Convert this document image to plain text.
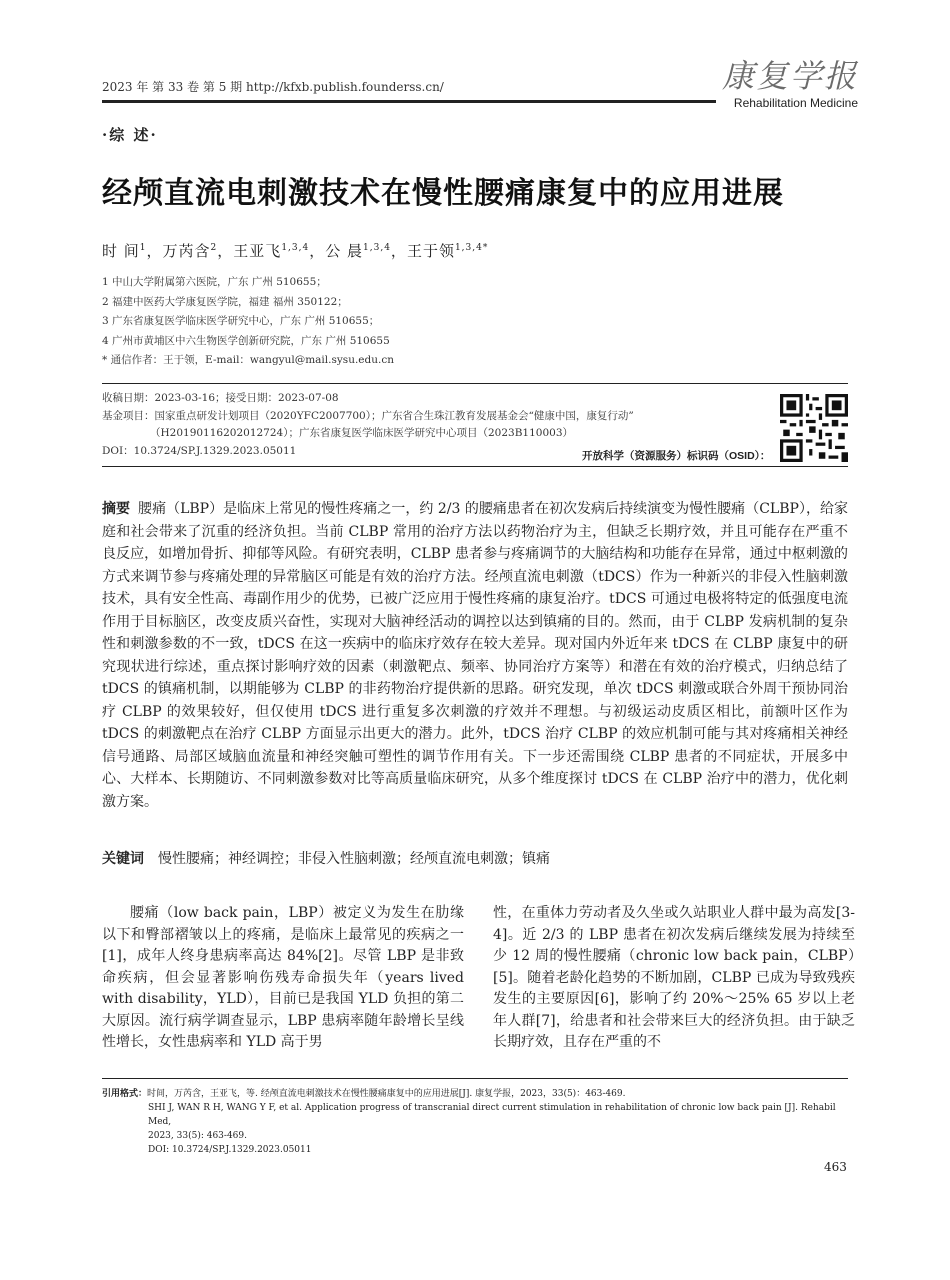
2023 年 第 33 卷 第 5 期 http://kfxb.publish.founderss.cn/	康复学报
Rehabilitation Medicine
·综 述·
经颅直流电刺激技术在慢性腰痛康复中的应用进展
时 间$^1$，万芮含$^2$，王亚飞$^{1,3,4}$，公 晨$^{1,3,4}$，王于领$^{1,3,4*}$
1 中山大学附属第六医院，广东 广州 510655；
2 福建中医药大学康复医学院，福建 福州 350122；
3 广东省康复医学临床医学研究中心，广东 广州 510655；
4 广州市黄埔区中六生物医学创新研究院，广东 广州 510655
* 通信作者：王于领，E-mail：wangyul@mail.sysu.edu.cn
收稿日期：2023-03-16；接受日期：2023-07-08
基金项目：国家重点研发计划项目（2020YFC2007700）；广东省合生珠江教育发展基金会“健康中国，康复行动”
（H20190116202012724）；广东省康复医学临床医学研究中心项目（2023B110003）
DOI：10.3724/SP.J.1329.2023.05011	开放科学（资源服务）标识码（OSID）：
摘要 腰痛（LBP）是临床上常见的慢性疼痛之一，约 2/3 的腰痛患者在初次发病后持续演变为慢性腰痛（CLBP），给家庭和社会带来了沉重的经济负担。当前 CLBP 常用的治疗方法以药物治疗为主，但缺乏长期疗效，并且可能存在严重不良反应，如增加骨折、抑郁等风险。有研究表明，CLBP 患者参与疼痛调节的大脑结构和功能存在异常，通过中枢刺激的方式来调节参与疼痛处理的异常脑区可能是有效的治疗方法。经颅直流电刺激（tDCS）作为一种新兴的非侵入性脑刺激技术，具有安全性高、毒副作用少的优势，已被广泛应用于慢性疼痛的康复治疗。tDCS 可通过电极将特定的低强度电流作用于目标脑区，改变皮质兴奋性，实现对大脑神经活动的调控以达到镇痛的目的。然而，由于 CLBP 发病机制的复杂性和刺激参数的不一致，tDCS 在这一疾病中的临床疗效存在较大差异。现对国内外近年来 tDCS 在 CLBP 康复中的研究现状进行综述，重点探讨影响疗效的因素（刺激靶点、频率、协同治疗方案等）和潜在有效的治疗模式，归纳总结了 tDCS 的镇痛机制，以期能够为 CLBP 的非药物治疗提供新的思路。研究发现，单次 tDCS 刺激或联合外周干预协同治疗 CLBP 的效果较好，但仅使用 tDCS 进行重复多次刺激的疗效并不理想。与初级运动皮质区相比，前额叶区作为 tDCS 的刺激靶点在治疗 CLBP 方面显示出更大的潜力。此外，tDCS 治疗 CLBP 的效应机制可能与其对疼痛相关神经信号通路、局部区域脑血流量和神经突触可塑性的调节作用有关。下一步还需围绕 CLBP 患者的不同症状，开展多中心、大样本、长期随访、不同刺激参数对比等高质量临床研究，从多个维度探讨 tDCS 在 CLBP 治疗中的潜力，优化刺激方案。
关键词 慢性腰痛；神经调控；非侵入性脑刺激；经颅直流电刺激；镇痛
腰痛（low back pain，LBP）被定义为发生在肋缘以下和臀部褶皱以上的疼痛，是临床上最常见的疾病之一[1]，成年人终身患病率高达 84%[2]。尽管 LBP 是非致命疾病，但会显著影响伤残寿命损失年（years lived with disability，YLD），目前已是我国 YLD 负担的第二大原因。流行病学调查显示，LBP 患病率随年龄增长呈线性增长，女性患病率和 YLD 高于男
性，在重体力劳动者及久坐或久站职业人群中最为高发[3-4]。近 2/3 的 LBP 患者在初次发病后继续发展为持续至少 12 周的慢性腰痛（chronic low back pain，CLBP）[5]。随着老龄化趋势的不断加剧，CLBP 已成为导致残疾发生的主要原因[6]，影响了约 20%～25% 65 岁以上老年人群[7]，给患者和社会带来巨大的经济负担。由于缺乏长期疗效，且存在严重的不
引用格式：时间，万芮含，王亚飞，等. 经颅直流电刺激技术在慢性腰痛康复中的应用进展[J]. 康复学报，2023，33(5)：463-469.
SHI J, WAN R H, WANG Y F, et al. Application progress of transcranial direct current stimulation in rehabilitation of chronic low back pain [J]. Rehabil Med,
2023, 33(5): 463-469.
DOI: 10.3724/SP.J.1329.2023.05011
463
